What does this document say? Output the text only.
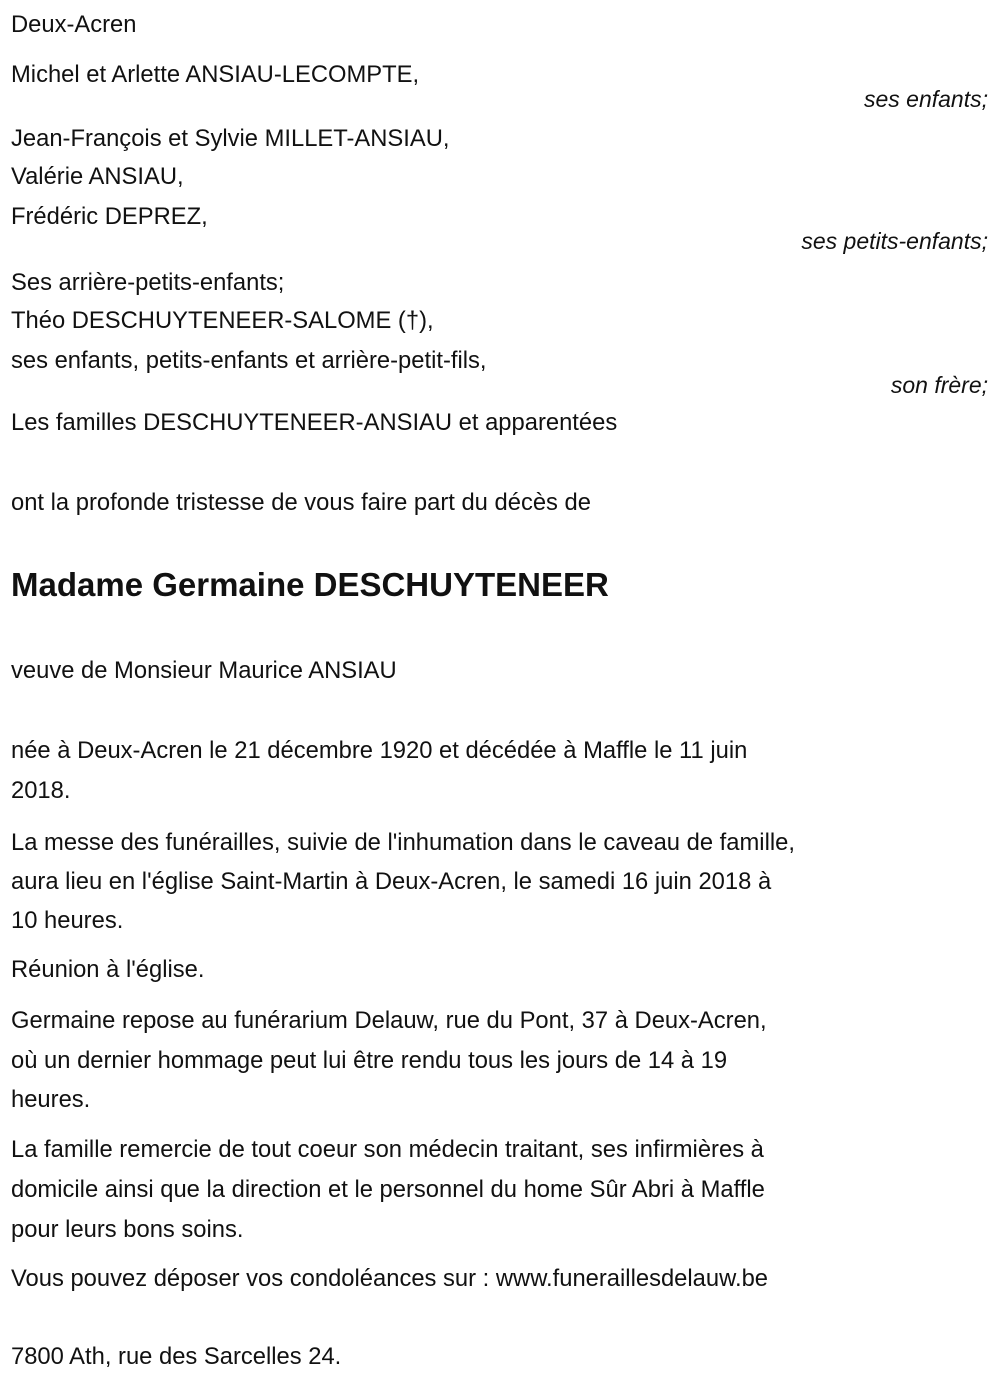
Deux-Acren
Michel et Arlette ANSIAU-LECOMPTE,
ses enfants;
Jean-François et Sylvie MILLET-ANSIAU,
Valérie ANSIAU,
Frédéric DEPREZ,
ses petits-enfants;
Ses arrière-petits-enfants;
Théo DESCHUYTENEER-SALOME (†),
ses enfants, petits-enfants et arrière-petit-fils,
son frère;
Les familles DESCHUYTENEER-ANSIAU et apparentées
ont la profonde tristesse de vous faire part du décès de
Madame Germaine DESCHUYTENEER
veuve de Monsieur Maurice ANSIAU
née à Deux-Acren le 21 décembre 1920 et décédée à Maffle le 11 juin
2018.
La messe des funérailles, suivie de l'inhumation dans le caveau de famille,
aura lieu en l'église Saint-Martin à Deux-Acren, le samedi 16 juin 2018 à
10 heures.
Réunion à l'église.
Germaine repose au funérarium Delauw, rue du Pont, 37 à Deux-Acren,
où un dernier hommage peut lui être rendu tous les jours de 14 à 19
heures.
La famille remercie de tout coeur son médecin traitant, ses infirmières à
domicile ainsi que la direction et le personnel du home Sûr Abri à Maffle
pour leurs bons soins.
Vous pouvez déposer vos condoléances sur : www.funeraillesdelauw.be
7800 Ath, rue des Sarcelles 24.
